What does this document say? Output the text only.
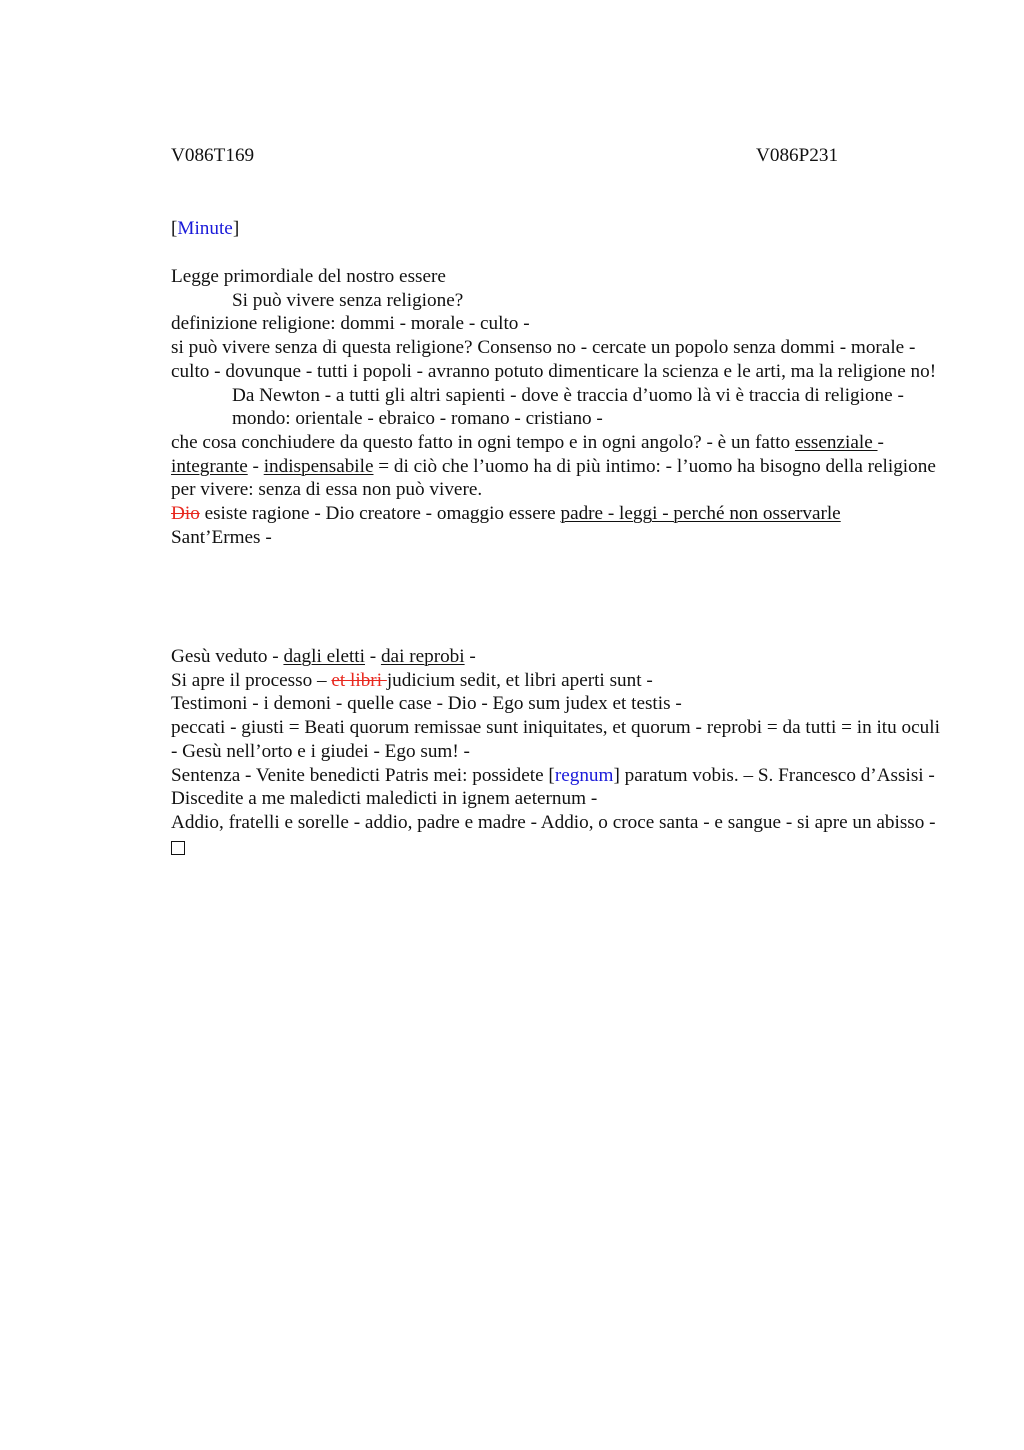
V086T169	V086P231
[Minute]

Legge primordiale del nostro essere

Si può vivere senza religione?

definizione religione: dommi - morale - culto -

si può vivere senza di questa religione? Consenso no - cercate un popolo senza dommi - morale - culto - dovunque - tutti i popoli - avranno potuto dimenticare la scienza e le arti, ma la religione no!

Da Newton - a tutti gli altri sapienti - dove è traccia d’uomo là vi è traccia di religione -

mondo: orientale - ebraico - romano - cristiano -

che cosa conchiudere da questo fatto in ogni tempo e in ogni angolo? - è un fatto essenziale - integrante - indispensabile = di ciò che l’uomo ha di più intimo: - l’uomo ha bisogno della religione per vivere: senza di essa non può vivere.

Dio esiste ragione - Dio creatore - omaggio essere padre - leggi - perché non osservarle

Sant’Ermes -

Gesù veduto - dagli eletti - dai reprobi -

Si apre il processo – et libri judicium sedit, et libri aperti sunt -

Testimoni - i demoni - quelle case - Dio - Ego sum judex et testis -

peccati - giusti = Beati quorum remissae sunt iniquitates, et quorum - reprobi = da tutti = in itu oculi - Gesù nell’orto e i giudei - Ego sum! -

Sentenza - Venite benedicti Patris mei: possidete [regnum] paratum vobis. – S. Francesco d’Assisi - Discedite a me maledicti maledicti in ignem aeternum -

Addio, fratelli e sorelle - addio, padre e madre - Addio, o croce santa - e sangue - si apre un abisso -
